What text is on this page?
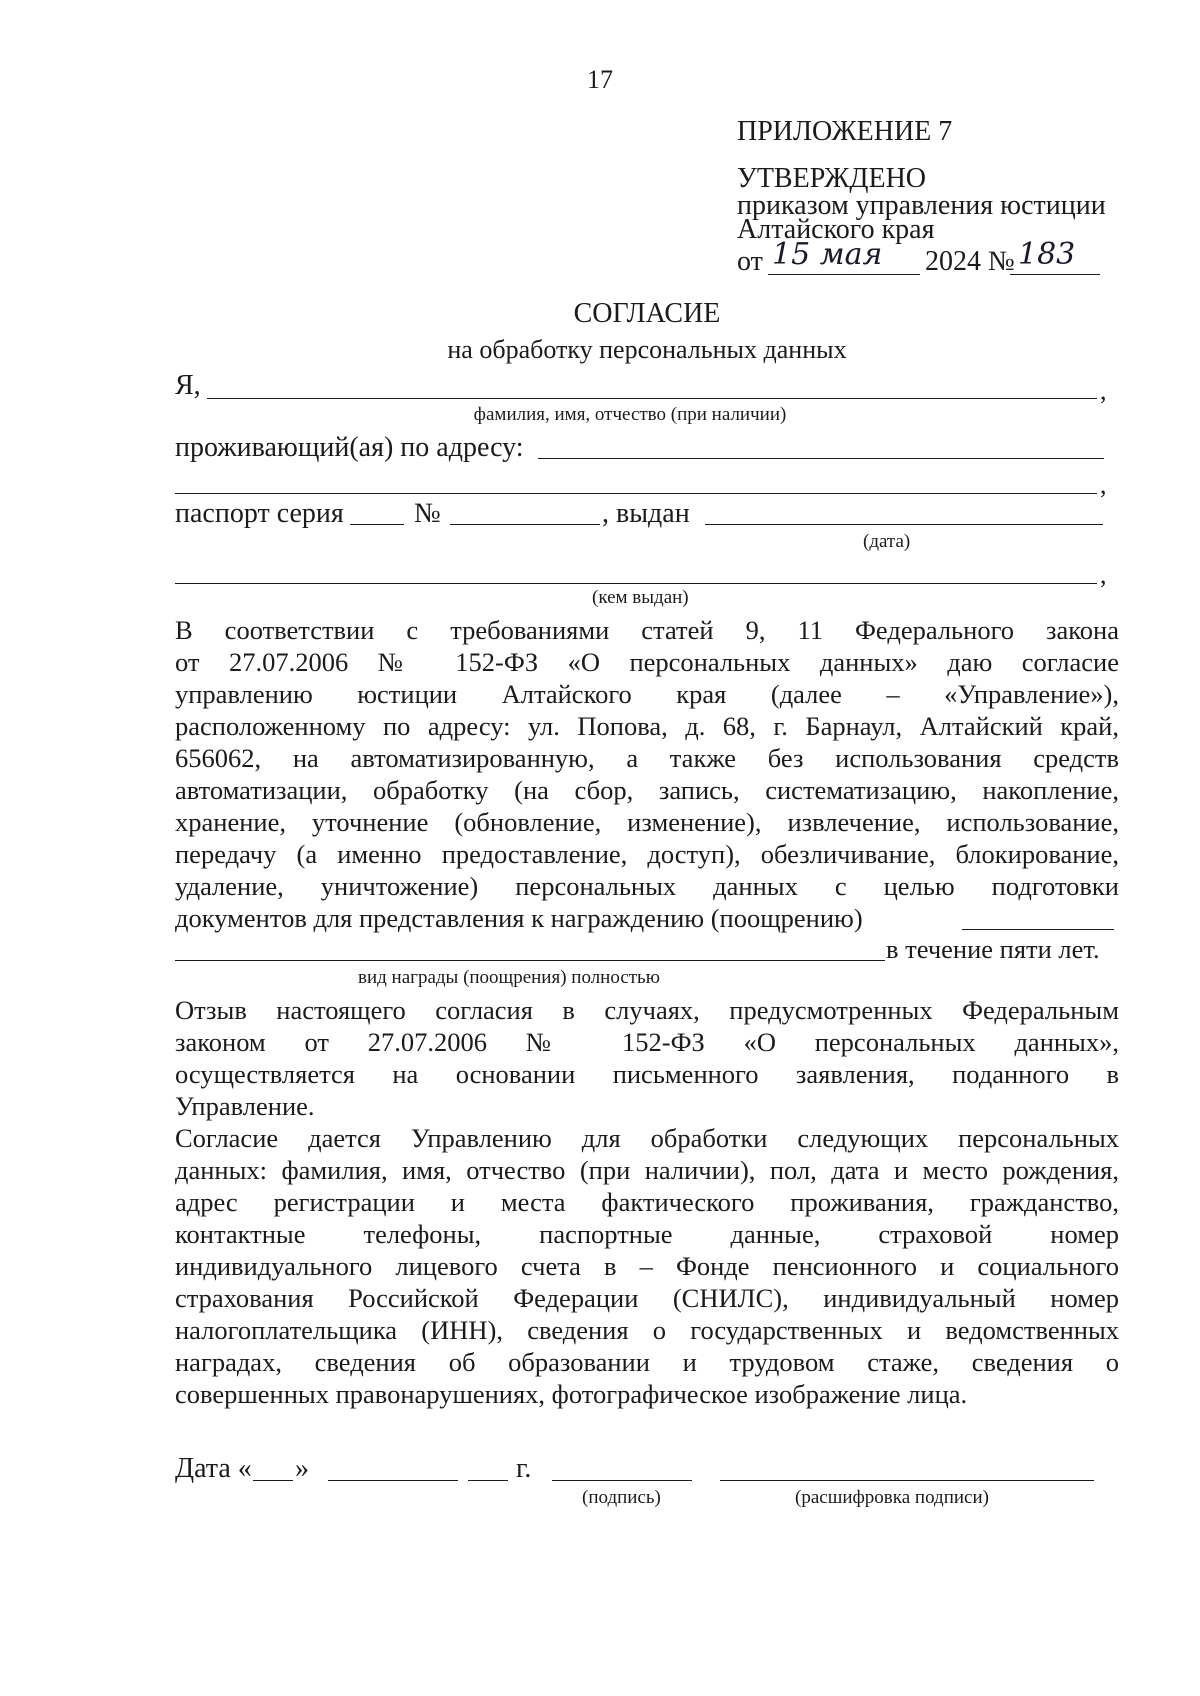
17
ПРИЛОЖЕНИЕ 7
УТВЕРЖДЕНО
приказом управления юстиции
Алтайского края
от 15 мая 2024 № 183
СОГЛАСИЕ
на обработку персональных данных
Я,	,
фамилия, имя, отчество (при наличии)
проживающий(ая) по адресу:
,
паспорт серия	№	, выдан
(дата)
,
(кем выдан)
В соответствии с требованиями статей 9, 11 Федерального закона
от 27.07.2006 № 152-ФЗ «О персональных данных» даю согласие
управлению юстиции Алтайского края (далее – «Управление»),
расположенному по адресу: ул. Попова, д. 68, г. Барнаул, Алтайский край,
656062, на автоматизированную, а также без использования средств
автоматизации, обработку (на сбор, запись, систематизацию, накопление,
хранение, уточнение (обновление, изменение), извлечение, использование,
передачу (а именно предоставление, доступ), обезличивание, блокирование,
удаление, уничтожение) персональных данных с целью подготовки
документов для представления к награждению (поощрению)
в течение пяти лет.
вид награды (поощрения) полностью
Отзыв настоящего согласия в случаях, предусмотренных Федеральным
законом от 27.07.2006 № 152-ФЗ «О персональных данных»,
осуществляется на основании письменного заявления, поданного в
Управление.
Согласие дается Управлению для обработки следующих персональных
данных: фамилия, имя, отчество (при наличии), пол, дата и место рождения,
адрес регистрации и места фактического проживания, гражданство,
контактные телефоны, паспортные данные, страховой номер
индивидуального лицевого счета в – Фонде пенсионного и социального
страхования Российской Федерации (СНИЛС), индивидуальный номер
налогоплательщика (ИНН), сведения о государственных и ведомственных
наградах, сведения об образовании и трудовом стаже, сведения о
совершенных правонарушениях, фотографическое изображение лица.
Дата « »	г.
(подпись)	(расшифровка подписи)
